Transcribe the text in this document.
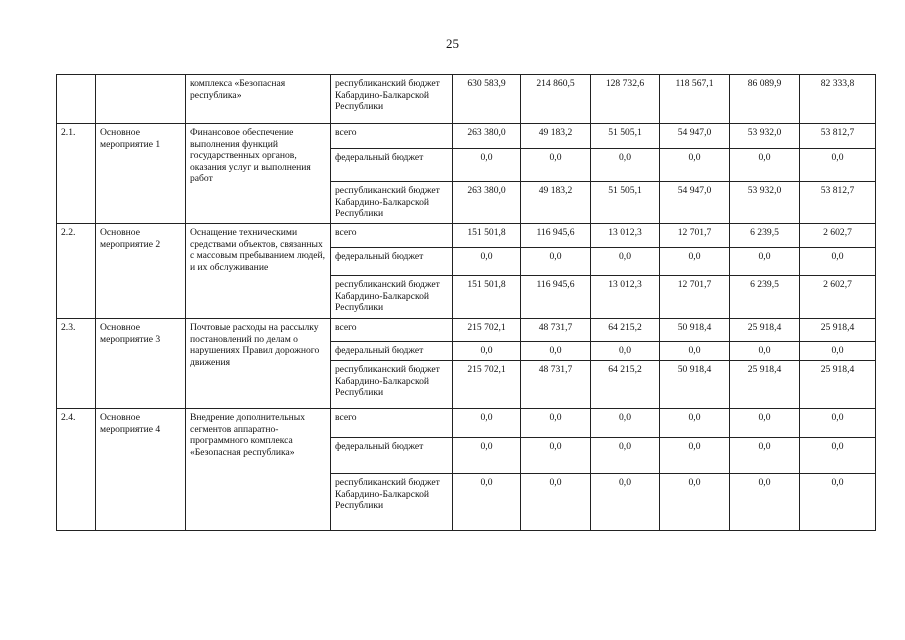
25
		комплекса «Безопасная республика»	республиканский бюджет Кабардино-Балкарской Республики	630 583,9	214 860,5	128 732,6	118 567,1	86 089,9	82 333,8
2.1.	Основное мероприятие 1	Финансовое обеспечение выполнения функций государственных органов, оказания услуг и выполнения работ	всего	263 380,0	49 183,2	51 505,1	54 947,0	53 932,0	53 812,7
			федеральный бюджет	0,0	0,0	0,0	0,0	0,0	0,0
			республиканский бюджет Кабардино-Балкарской Республики	263 380,0	49 183,2	51 505,1	54 947,0	53 932,0	53 812,7
2.2.	Основное мероприятие 2	Оснащение техническими средствами объектов, связанных с массовым пребыванием людей, и их обслуживание	всего	151 501,8	116 945,6	13 012,3	12 701,7	6 239,5	2 602,7
			федеральный бюджет	0,0	0,0	0,0	0,0	0,0	0,0
			республиканский бюджет Кабардино-Балкарской Республики	151 501,8	116 945,6	13 012,3	12 701,7	6 239,5	2 602,7
2.3.	Основное мероприятие 3	Почтовые расходы на рассылку постановлений по делам о нарушениях Правил дорожного движения	всего	215 702,1	48 731,7	64 215,2	50 918,4	25 918,4	25 918,4
			федеральный бюджет	0,0	0,0	0,0	0,0	0,0	0,0
			республиканский бюджет Кабардино-Балкарской Республики	215 702,1	48 731,7	64 215,2	50 918,4	25 918,4	25 918,4
2.4.	Основное мероприятие 4	Внедрение дополнительных сегментов аппаратно-программного комплекса «Безопасная республика»	всего	0,0	0,0	0,0	0,0	0,0	0,0
			федеральный бюджет	0,0	0,0	0,0	0,0	0,0	0,0
			республиканский бюджет Кабардино-Балкарской Республики	0,0	0,0	0,0	0,0	0,0	0,0
